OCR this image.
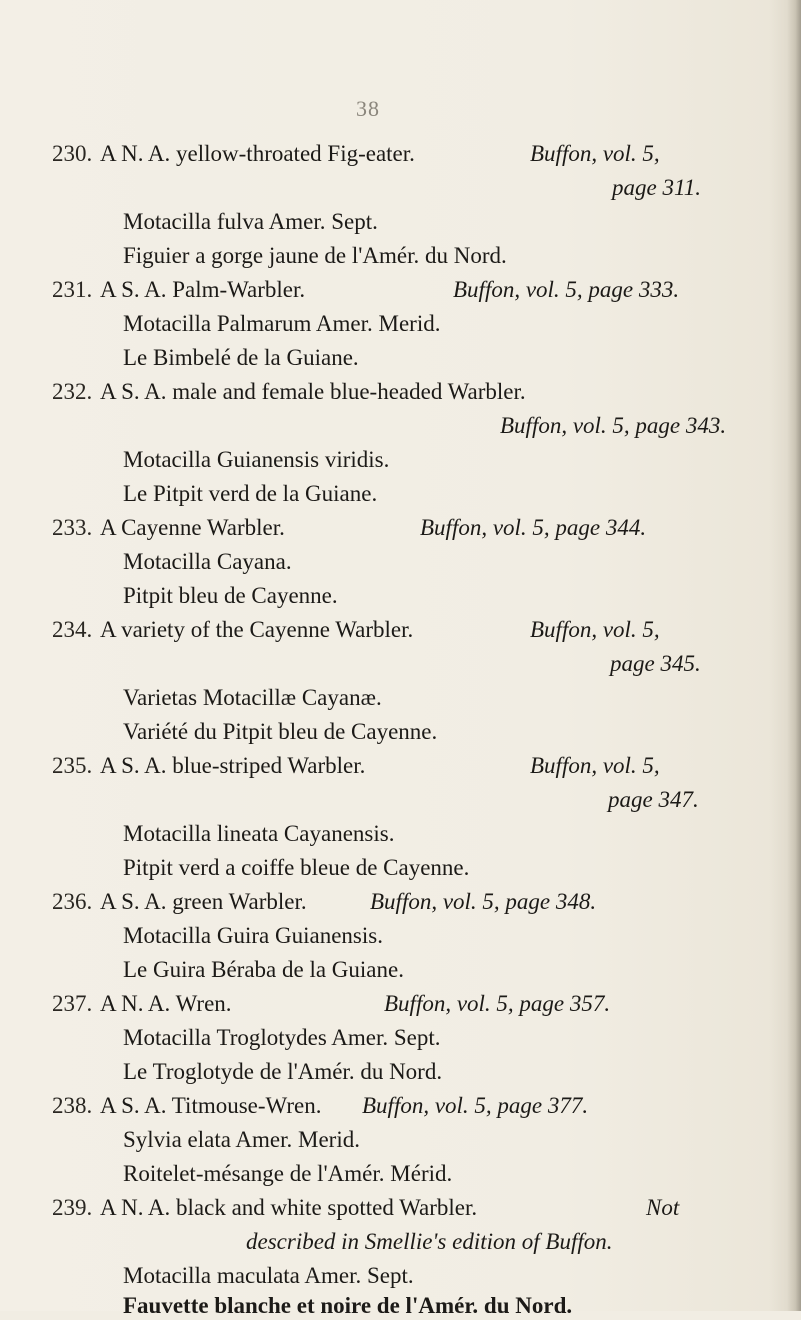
38
230. A N. A. yellow-throated Fig-eater.	Buffon, vol. 5,
page 311.
Motacilla fulva Amer. Sept.
Figuier a gorge jaune de l'Amér. du Nord.
231. A S. A. Palm-Warbler.	Buffon, vol. 5, page 333.
Motacilla Palmarum Amer. Merid.
Le Bimbelé de la Guiane.
232. A S. A. male and female blue-headed Warbler.
Buffon, vol. 5, page 343.
Motacilla Guianensis viridis.
Le Pitpit verd de la Guiane.
233. A Cayenne Warbler.	Buffon, vol. 5, page 344.
Motacilla Cayana.
Pitpit bleu de Cayenne.
234. A variety of the Cayenne Warbler.	Buffon, vol. 5,
page 345.
Varietas Motacillæ Cayanæ.
Variété du Pitpit bleu de Cayenne.
235. A S. A. blue-striped Warbler.	Buffon, vol. 5,
page 347.
Motacilla lineata Cayanensis.
Pitpit verd a coiffe bleue de Cayenne.
236. A S. A. green Warbler.	Buffon, vol. 5, page 348.
Motacilla Guira Guianensis.
Le Guira Béraba de la Guiane.
237. A N. A. Wren.	Buffon, vol. 5, page 357.
Motacilla Troglotydes Amer. Sept.
Le Troglotyde de l'Amér. du Nord.
238. A S. A. Titmouse-Wren. Buffon, vol. 5, page 377.
Sylvia elata Amer. Merid.
Roitelet-mésange de l'Amér. Mérid.
239. A N. A. black and white spotted Warbler.	Not
described in Smellie's edition of Buffon.
Motacilla maculata Amer. Sept.
Fauvette blanche et noire de l'Amér. du Nord.
